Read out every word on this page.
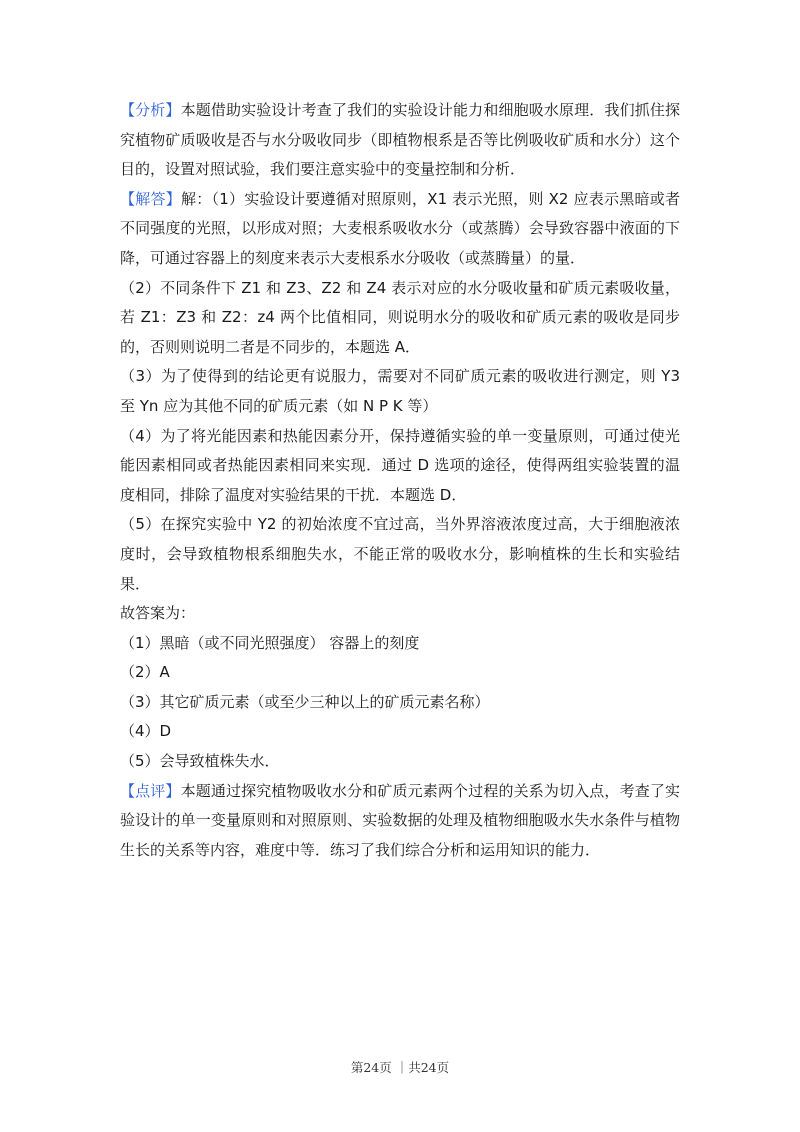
【分析】本题借助实验设计考查了我们的实验设计能力和细胞吸水原理．我们抓住探究植物矿质吸收是否与水分吸收同步（即植物根系是否等比例吸收矿质和水分）这个目的，设置对照试验，我们要注意实验中的变量控制和分析．

【解答】解：（1）实验设计要遵循对照原则，X1 表示光照，则 X2 应表示黑暗或者不同强度的光照，以形成对照；大麦根系吸收水分（或蒸腾）会导致容器中液面的下降，可通过容器上的刻度来表示大麦根系水分吸收（或蒸腾量）的量．

（2）不同条件下 Z1 和 Z3、Z2 和 Z4 表示对应的水分吸收量和矿质元素吸收量，若 Z1：Z3 和 Z2：z4 两个比值相同，则说明水分的吸收和矿质元素的吸收是同步的，否则则说明二者是不同步的，本题选 A．

（3）为了使得到的结论更有说服力，需要对不同矿质元素的吸收进行测定，则 Y3 至 Yn 应为其他不同的矿质元素（如 N P K 等）

（4）为了将光能因素和热能因素分开，保持遵循实验的单一变量原则，可通过使光能因素相同或者热能因素相同来实现．通过 D 选项的途径，使得两组实验装置的温度相同，排除了温度对实验结果的干扰．本题选 D．

（5）在探究实验中 Y2 的初始浓度不宜过高，当外界溶液浓度过高，大于细胞液浓度时，会导致植物根系细胞失水，不能正常的吸收水分，影响植株的生长和实验结果．

故答案为：

（1）黑暗（或不同光照强度） 容器上的刻度

（2）A

（3）其它矿质元素（或至少三种以上的矿质元素名称）

（4）D

（5）会导致植株失水．

【点评】本题通过探究植物吸收水分和矿质元素两个过程的关系为切入点，考查了实验设计的单一变量原则和对照原则、实验数据的处理及植物细胞吸水失水条件与植物生长的关系等内容，难度中等．练习了我们综合分析和运用知识的能力．

第24页 ｜共24页
